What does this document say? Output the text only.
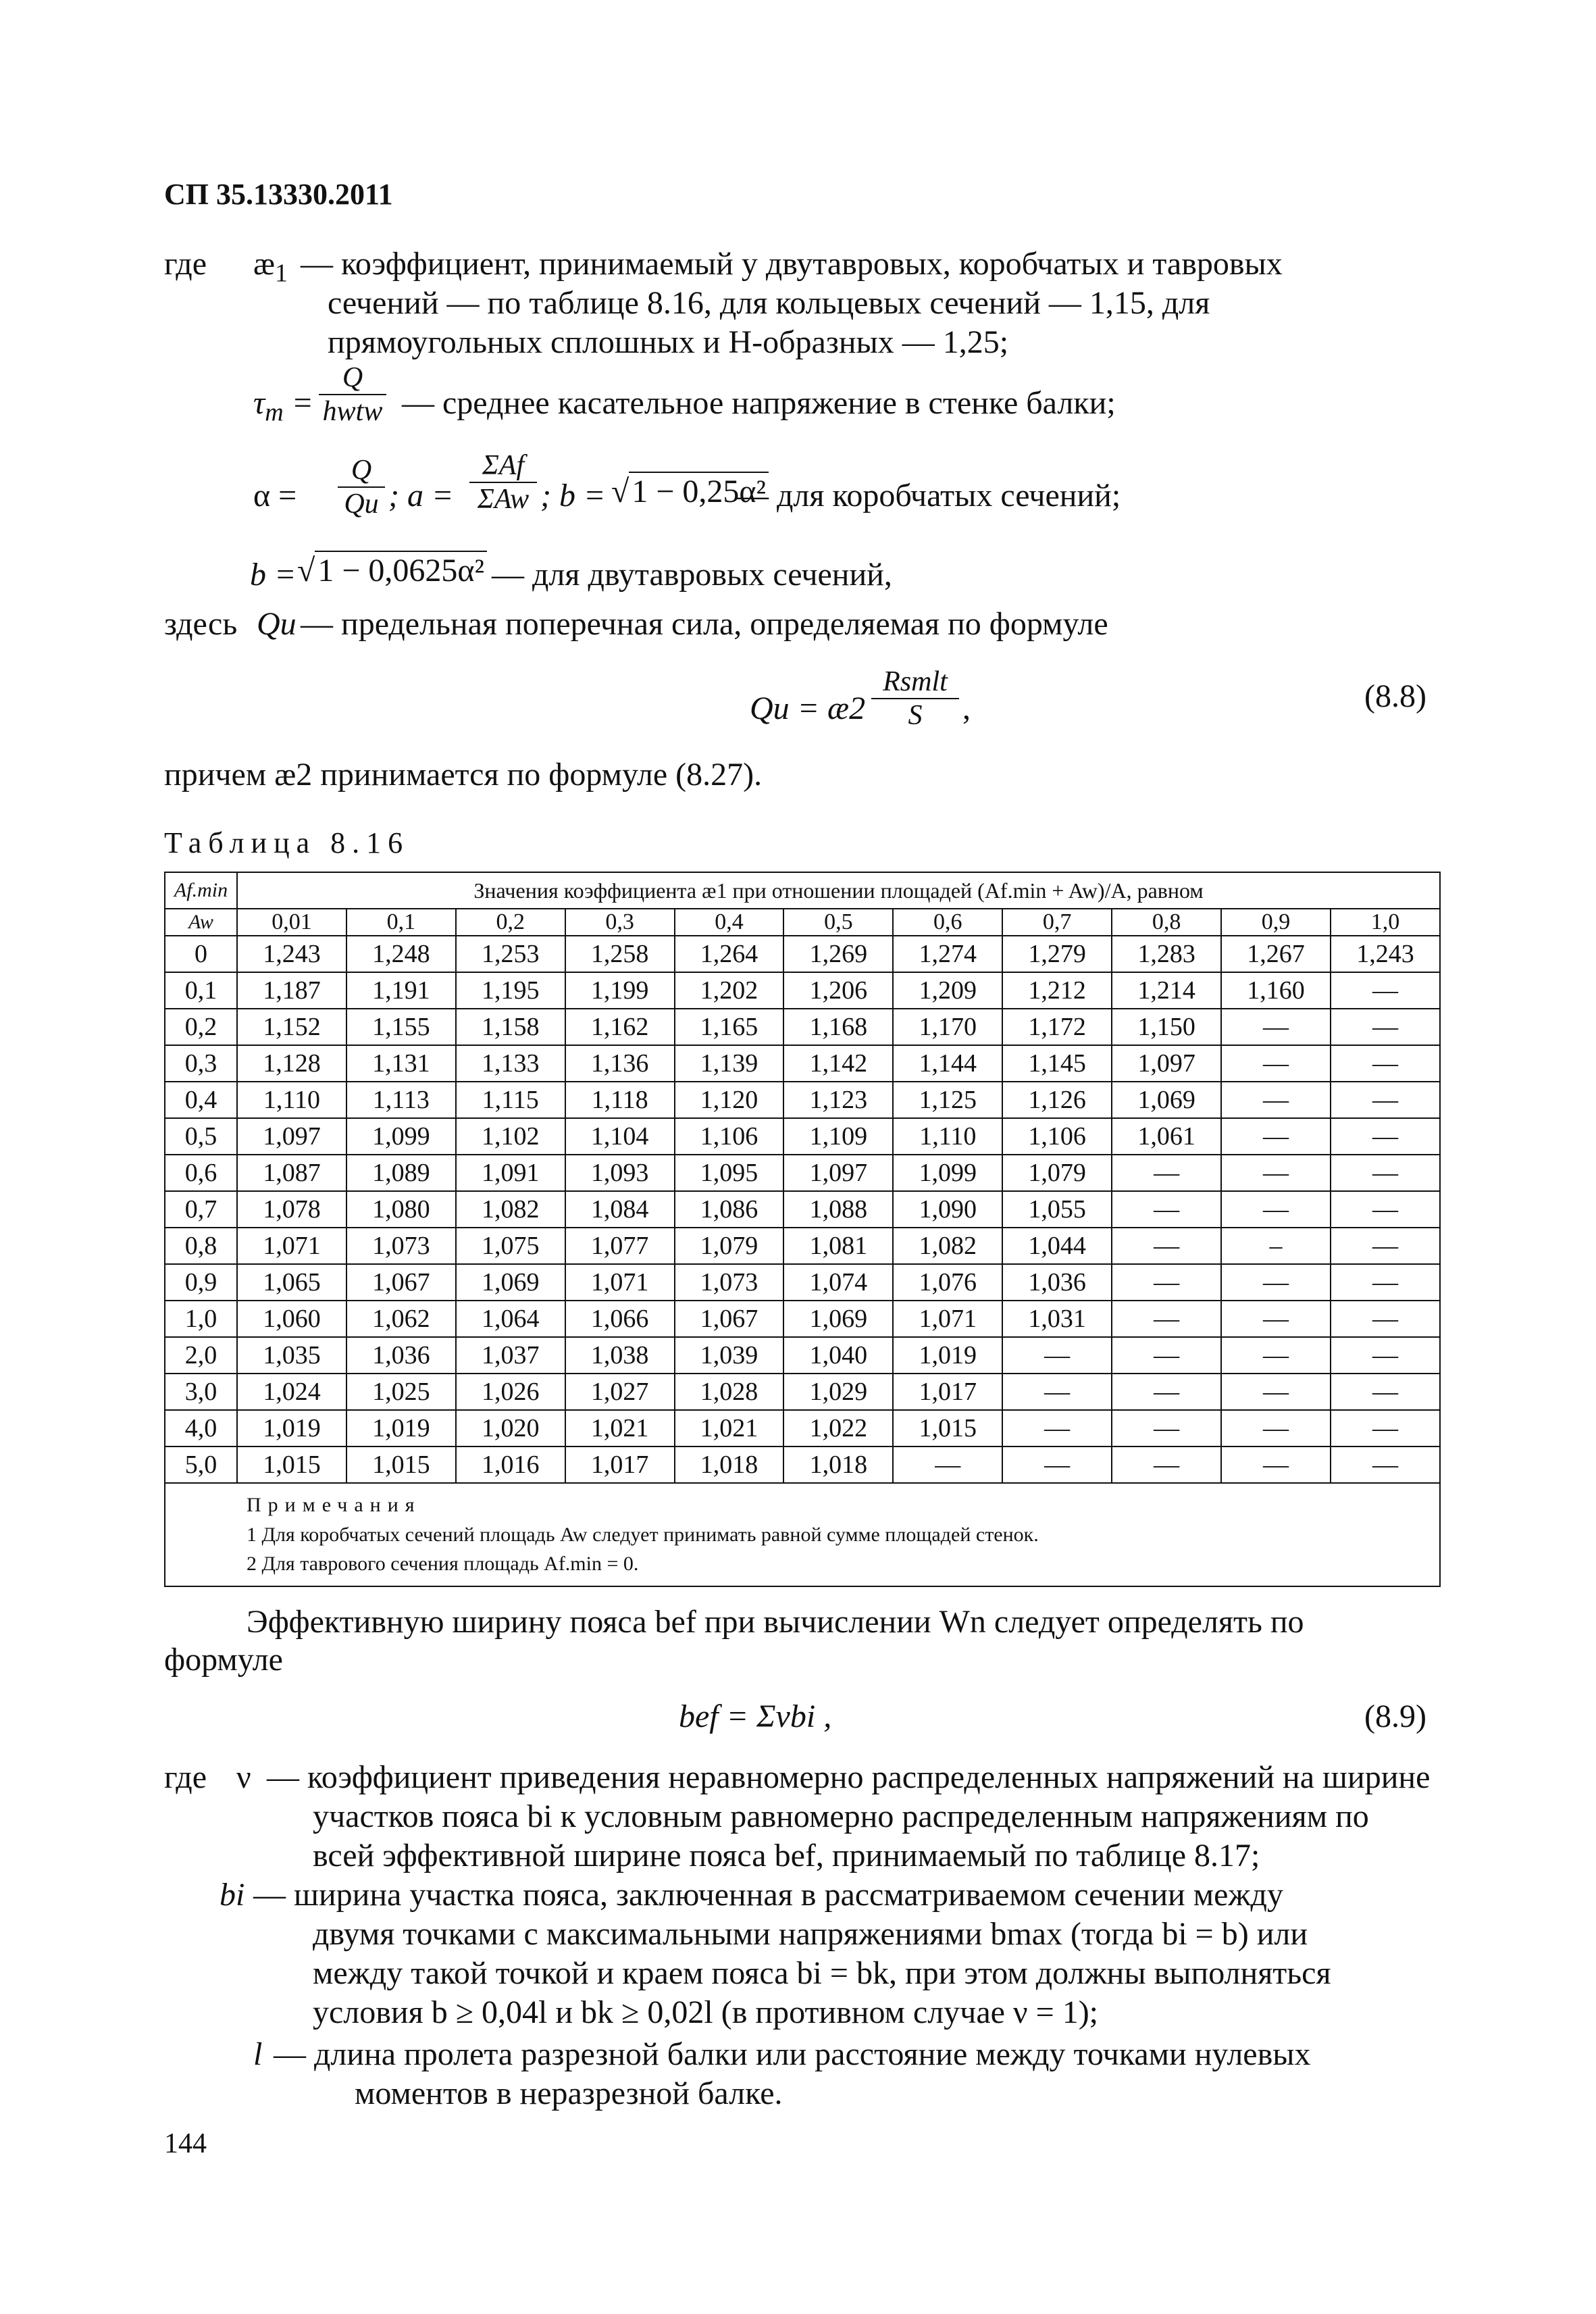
СП 35.13330.2011
где $æ_1$ — коэффициент, принимаемый у двутавровых, коробчатых и тавровых
сечений — по таблице 8.16, для кольцевых сечений — 1,15, для
прямоугольных сплошных и Н-образных — 1,25;
$\tau_m$ =
Q
hwtw — среднее касательное напряжение в стенке балки;
α =
Q
Qu ; a =
ΣAf
ΣAw ; b = √1 − 0,25α²
— для коробчатых сечений;
b = √1 − 0,0625α² — для двутавровых сечений,
здесь Qu — предельная поперечная сила, определяемая по формуле
Qu = æ2
Rsmlt
S	,	(8.8)
причем æ2 принимается по формуле (8.27).
Таблица 8.16
Af.min	Значения коэффициента æ1 при отношении площадей (Af.min + Aw)/A, равном										
Aw	0,01	0,1	0,2	0,3	0,4	0,5	0,6	0,7	0,8	0,9	1,0
0	1,243	1,248	1,253	1,258	1,264	1,269	1,274	1,279	1,283	1,267	1,243
0,1	1,187	1,191	1,195	1,199	1,202	1,206	1,209	1,212	1,214	1,160	—
0,2	1,152	1,155	1,158	1,162	1,165	1,168	1,170	1,172	1,150	—	—
0,3	1,128	1,131	1,133	1,136	1,139	1,142	1,144	1,145	1,097	—	—
0,4	1,110	1,113	1,115	1,118	1,120	1,123	1,125	1,126	1,069	—	—
0,5	1,097	1,099	1,102	1,104	1,106	1,109	1,110	1,106	1,061	—	—
0,6	1,087	1,089	1,091	1,093	1,095	1,097	1,099	1,079	—	—	—
0,7	1,078	1,080	1,082	1,084	1,086	1,088	1,090	1,055	—	—	—
0,8	1,071	1,073	1,075	1,077	1,079	1,081	1,082	1,044	—	–	—
0,9	1,065	1,067	1,069	1,071	1,073	1,074	1,076	1,036	—	—	—
1,0	1,060	1,062	1,064	1,066	1,067	1,069	1,071	1,031	—	—	—
2,0	1,035	1,036	1,037	1,038	1,039	1,040	1,019	—	—	—	—
3,0	1,024	1,025	1,026	1,027	1,028	1,029	1,017	—	—	—	—
4,0	1,019	1,019	1,020	1,021	1,021	1,022	1,015	—	—	—	—
5,0	1,015	1,015	1,016	1,017	1,018	1,018	—	—	—	—	—

Примечания
1 Для коробчатых сечений площадь Aw следует принимать равной сумме площадей стенок.
2 Для таврового сечения площадь Af.min = 0.											
Эффективную ширину пояса bef при вычислении Wn следует определять по
формуле
bef = Σνbi ,	(8.9)
где ν — коэффициент приведения неравномерно распределенных напряжений на ширине
участков пояса bi к условным равномерно распределенным напряжениям по
всей эффективной ширине пояса bef, принимаемый по таблице 8.17;
bi — ширина участка пояса, заключенная в рассматриваемом сечении между
двумя точками с максимальными напряжениями bmax (тогда bi = b) или
между такой точкой и краем пояса bi = bk, при этом должны выполняться
условия b ≥ 0,04l и bk ≥ 0,02l (в противном случае ν = 1);
l — длина пролета разрезной балки или расстояние между точками нулевых
моментов в неразрезной балке.
144
